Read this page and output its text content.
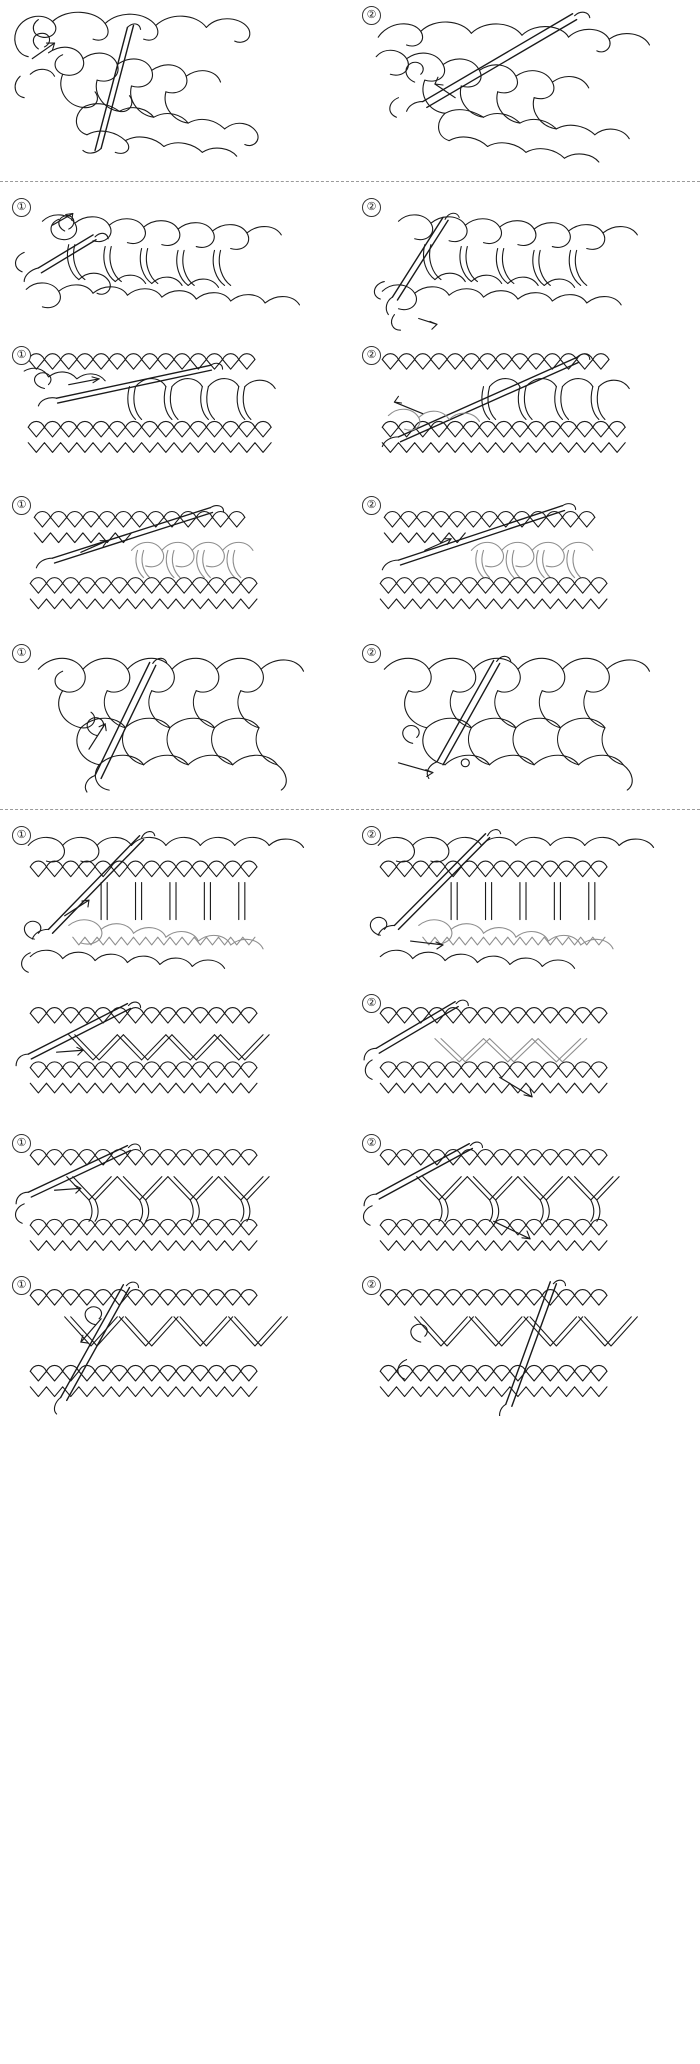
②
①	②
①	②
①	②
①	②
①	②
②
①	②
①	②
